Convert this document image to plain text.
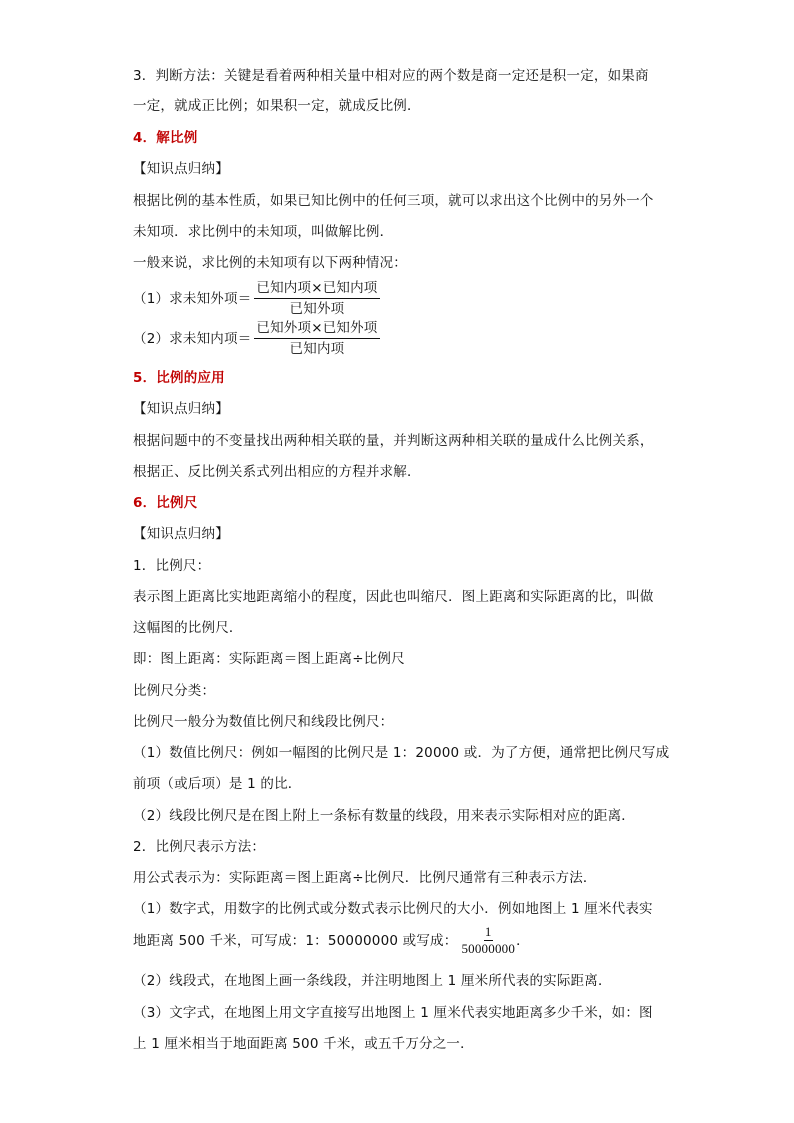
3．判断方法：关键是看着两种相关量中相对应的两个数是商一定还是积一定，如果商
一定，就成正比例；如果积一定，就成反比例．
4．解比例
【知识点归纳】
根据比例的基本性质，如果已知比例中的任何三项，就可以求出这个比例中的另外一个
未知项．求比例中的未知项，叫做解比例．
一般来说，求比例的未知项有以下两种情况：
（1）求未知外项＝ $\frac{\text{已知内项×已知内项}}{\text{已知外项}}$
（2）求未知内项＝ $\frac{\text{已知外项×已知外项}}{\text{已知内项}}$
5．比例的应用
【知识点归纳】
根据问题中的不变量找出两种相关联的量，并判断这两种相关联的量成什么比例关系，
根据正、反比例关系式列出相应的方程并求解．
6．比例尺
【知识点归纳】
1．比例尺：
表示图上距离比实地距离缩小的程度，因此也叫缩尺．图上距离和实际距离的比，叫做
这幅图的比例尺．
即：图上距离：实际距离＝图上距离÷比例尺
比例尺分类：
比例尺一般分为数值比例尺和线段比例尺：
（1）数值比例尺：例如一幅图的比例尺是 1：20000 或．为了方便，通常把比例尺写成
前项（或后项）是 1 的比．
（2）线段比例尺是在图上附上一条标有数量的线段，用来表示实际相对应的距离．
2．比例尺表示方法：
用公式表示为：实际距离＝图上距离÷比例尺．比例尺通常有三种表示方法．
（1）数字式，用数字的比例式或分数式表示比例尺的大小．例如地图上 1 厘米代表实
地距离 500 千米，可写成：1：50000000 或写成： $\frac{1}{50000000}$ ．
（2）线段式，在地图上画一条线段，并注明地图上 1 厘米所代表的实际距离．
（3）文字式，在地图上用文字直接写出地图上 1 厘米代表实地距离多少千米，如：图
上 1 厘米相当于地面距离 500 千米，或五千万分之一．
